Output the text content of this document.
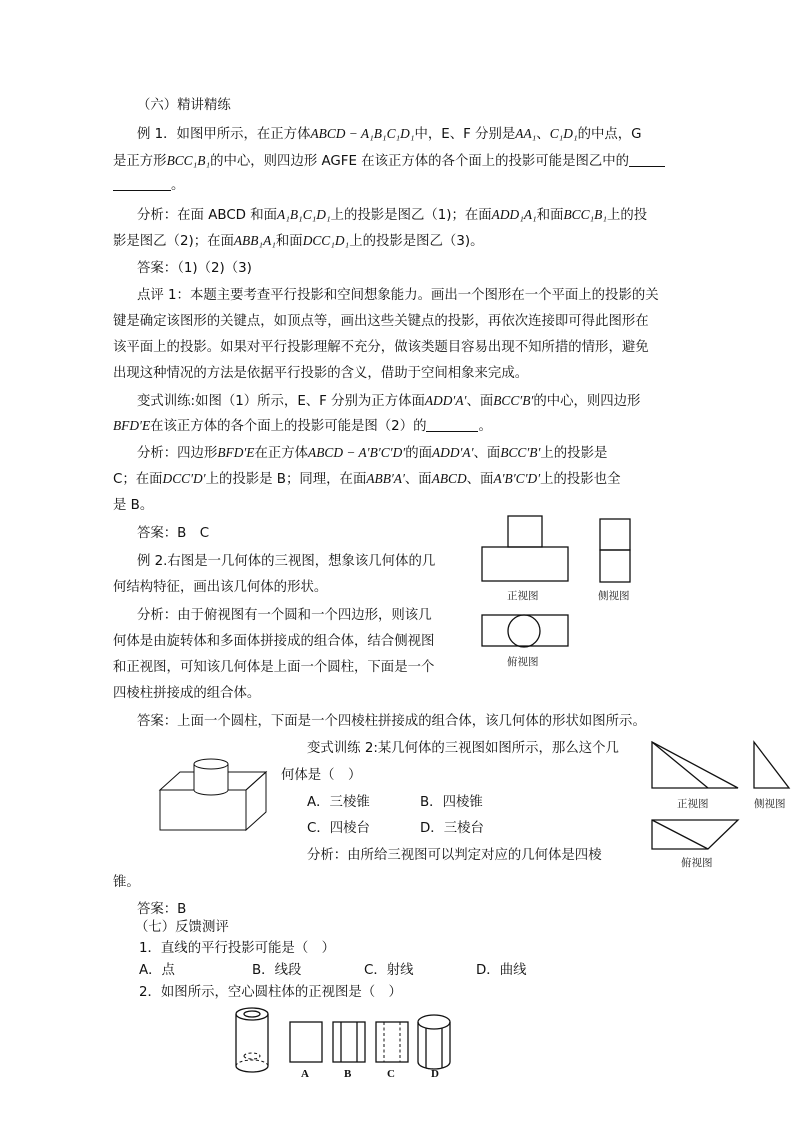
（六）精讲精练
例 1．如图甲所示，在正方体ABCD − A₁B₁C₁D₁中，E、F 分别是AA₁、C₁D₁的中点，G
是正方形BCC₁B₁的中心，则四边形 AGFE 在该正方体的各个面上的投影可能是图乙中的
。
分析：在面 ABCD 和面A₁B₁C₁D₁上的投影是图乙（1)；在面ADD₁A₁和面BCC₁B₁上的投
影是图乙（2)；在面ABB₁A₁和面DCC₁D₁上的投影是图乙（3)。
答案：（1)（2)（3)
点评 1：本题主要考查平行投影和空间想象能力。画出一个图形在一个平面上的投影的关
键是确定该图形的关键点，如顶点等，画出这些关键点的投影，再依次连接即可得此图形在
该平面上的投影。如果对平行投影理解不充分，做该类题目容易出现不知所措的情形，避免
出现这种情况的方法是依据平行投影的含义，借助于空间相象来完成。
变式训练:如图（1）所示，E、F 分别为正方体面ADD′A′、面BCC′B′的中心，则四边形
BFD′E在该正方体的各个面上的投影可能是图（2）的	。
分析：四边形BFD′E在正方体ABCD − A′B′C′D′的面ADD′A′、面BCC′B′上的投影是
C；在面DCC′D′上的投影是 B；同理，在面ABB′A′、面ABCD、面A′B′C′D′上的投影也全
是 B。
答案：B　C
例 2.右图是一几何体的三视图，想象该几何体的几
何结构特征，画出该几何体的形状。
分析：由于俯视图有一个圆和一个四边形，则该几
何体是由旋转体和多面体拼接成的组合体，结合侧视图
和正视图，可知该几何体是上面一个圆柱，下面是一个
四棱柱拼接成的组合体。
答案：上面一个圆柱，下面是一个四棱柱拼接成的组合体，该几何体的形状如图所示。
正视图	侧视图
俯视图
变式训练 2:某几何体的三视图如图所示，那么这个几
何体是（　）
A．三棱锥	B．四棱锥
C．四棱台	D．三棱台
分析：由所给三视图可以判定对应的几何体是四棱
锥。
答案：B
正视图	侧视图
俯视图
（七）反馈测评
1．直线的平行投影可能是（　）
A．点	B．线段	C．射线	D．曲线
2．如图所示，空心圆柱体的正视图是（　）
A	B	C	D
